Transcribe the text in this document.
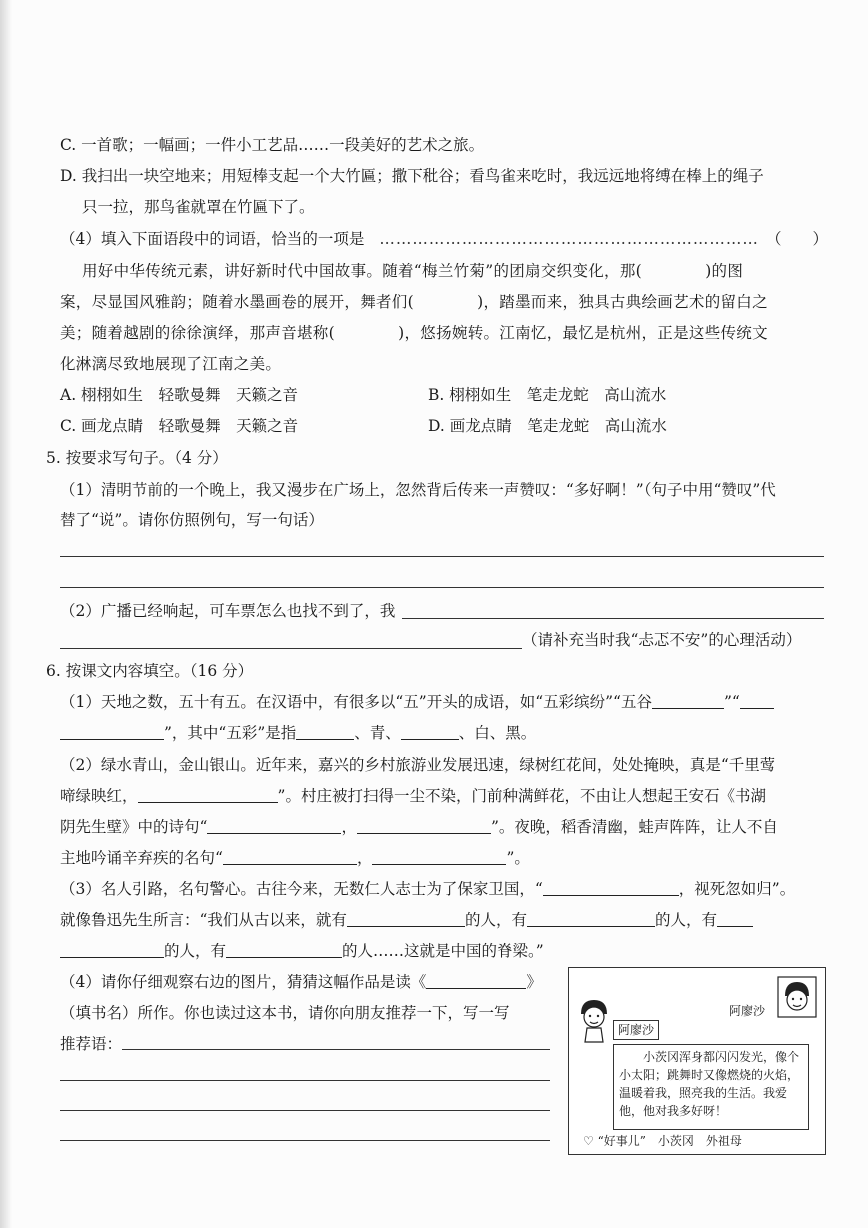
C. 一首歌；一幅画；一件小工艺品……一段美好的艺术之旅。
D. 我扫出一块空地来；用短棒支起一个大竹匾；撒下秕谷；看鸟雀来吃时，我远远地将缚在棒上的绳子
只一拉，那鸟雀就罩在竹匾下了。
（4）填入下面语段中的词语，恰当的一项是 …………………………………………………………… （　　）
用好中华传统元素，讲好新时代中国故事。随着“梅兰竹菊”的团扇交织变化，那(　　　　)的图
案，尽显国风雅韵；随着水墨画卷的展开，舞者们(　　　　)，踏墨而来，独具古典绘画艺术的留白之
美；随着越剧的徐徐演绎，那声音堪称(　　　　)，悠扬婉转。江南忆，最忆是杭州，正是这些传统文
化淋漓尽致地展现了江南之美。
A. 栩栩如生　轻歌曼舞　天籁之音	B. 栩栩如生　笔走龙蛇　高山流水
C. 画龙点睛　轻歌曼舞　天籁之音	D. 画龙点睛　笔走龙蛇　高山流水
5. 按要求写句子。（4 分）
（1）清明节前的一个晚上，我又漫步在广场上，忽然背后传来一声赞叹：“多好啊！”（句子中用“赞叹”代
替了“说”。请你仿照例句，写一句话）
（2）广播已经响起，可车票怎么也找不到了，我
（请补充当时我“忐忑不安”的心理活动）
6. 按课文内容填空。（16 分）
（1）天地之数，五十有五。在汉语中，有很多以“五”开头的成语，如“五彩缤纷”“五谷	”“
”，其中“五彩”是指	、青、	、白、黑。
（2）绿水青山，金山银山。近年来，嘉兴的乡村旅游业发展迅速，绿树红花间，处处掩映，真是“千里莺
啼绿映红，	”。村庄被打扫得一尘不染，门前种满鲜花，不由让人想起王安石《书湖
阴先生壁》中的诗句“	，	”。夜晚，稻香清幽，蛙声阵阵，让人不自
主地吟诵辛弃疾的名句“	，	”。
（3）名人引路，名句警心。古往今来，无数仁人志士为了保家卫国，“	，视死忽如归”。
就像鲁迅先生所言：“我们从古以来，就有	的人，有	的人，有
的人，有	的人……这就是中国的脊梁。”
（4）请你仔细观察右边的图片，猜猜这幅作品是读《	》
（填书名）所作。你也读过这本书，请你向朋友推荐一下，写一写
推荐语：
阿廖沙
阿廖沙
小茨冈浑身都闪闪发光，像个小太阳；跳舞时又像燃烧的火焰，温暖着我，照亮我的生活。我爱他，他对我多好呀！
♡ “好事儿”　小茨冈　外祖母
